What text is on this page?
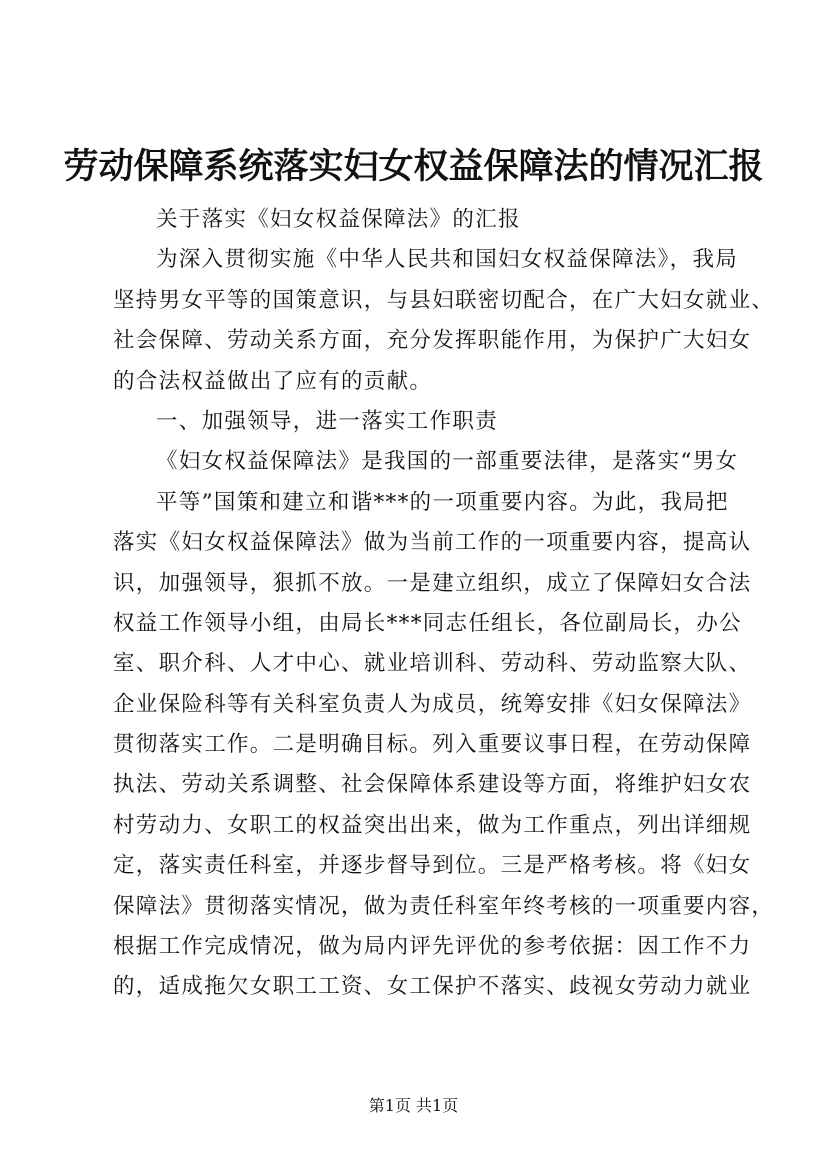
劳动保障系统落实妇女权益保障法的情况汇报
关于落实《妇女权益保障法》的汇报
为深入贯彻实施《中华人民共和国妇女权益保障法》，我局
坚持男女平等的国策意识，与县妇联密切配合，在广大妇女就业、
社会保障、劳动关系方面，充分发挥职能作用，为保护广大妇女
的合法权益做出了应有的贡献。
一、加强领导，进一落实工作职责
《妇女权益保障法》是我国的一部重要法律，是落实“男女
平等”国策和建立和谐***的一项重要内容。为此，我局把
落实《妇女权益保障法》做为当前工作的一项重要内容，提高认
识，加强领导，狠抓不放。一是建立组织，成立了保障妇女合法
权益工作领导小组，由局长***同志任组长，各位副局长，办公
室、职介科、人才中心、就业培训科、劳动科、劳动监察大队、
企业保险科等有关科室负责人为成员，统筹安排《妇女保障法》
贯彻落实工作。二是明确目标。列入重要议事日程，在劳动保障
执法、劳动关系调整、社会保障体系建设等方面，将维护妇女农
村劳动力、女职工的权益突出出来，做为工作重点，列出详细规
定，落实责任科室，并逐步督导到位。三是严格考核。将《妇女
保障法》贯彻落实情况，做为责任科室年终考核的一项重要内容，
根据工作完成情况，做为局内评先评优的参考依据：因工作不力
的，适成拖欠女职工工资、女工保护不落实、歧视女劳动力就业
第1页 共1页
